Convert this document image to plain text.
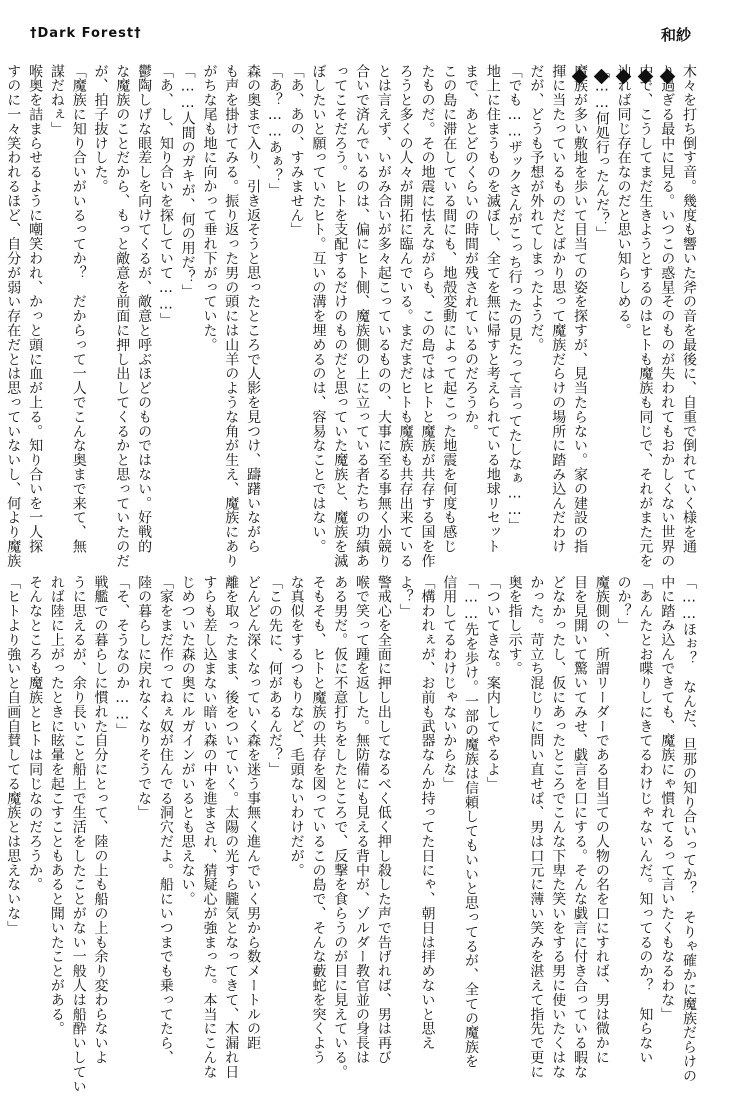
†Dark Forest†	和紗
木々を打ち倒す音。幾度も響いた斧の音を最後に、自重で倒れていく様を通
り過ぎる最中に見る。いつこの惑星そのものが失われてもおかしくない世界の
中で、こうしてまだ生きようとするのはヒトも魔族も同じで、それがまた元を
辿れば同じ存在なのだと思い知らしめる。
「……何処行ったんだ？」
魔族が多い敷地を歩いて目当ての姿を探すが、見当たらない。家の建設の指
揮に当たっているものだとばかり思って魔族だらけの場所に踏み込んだわけ
だが、どうも予想が外れてしまったようだ。
「でも……ザックさんがこっち行ったの見たって言ってたしなぁ……」
地上に住まうものを滅ぼし、全てを無に帰すと考えられている地球リセット
まで、あとどのくらいの時間が残されているのだろうか。
この島に滞在している間にも、地殻変動によって起こった地震を何度も感じ
たものだ。その地震に怯えながらも、この島ではヒトと魔族が共存する国を作
ろうと多くの人々が開拓に臨んでいる。まだまだヒトも魔族も共存出来ている
とは言えず、いがみ合いが多々起こっているものの、大事に至る事無く小競り
合いで済んでいるのは、偏にヒト側、魔族側の上に立っている者たちの功績あ
ってこそだろう。ヒトを支配するだけのものだと思っていた魔族と、魔族を滅
ぼしたいと願っていたヒト。互いの溝を埋めるのは、容易なことではない。
「あ、あの、すみません」
「あ？……あぁ？」
森の奥まで入り、引き返そうと思ったところで人影を見つけ、躊躇いながら
も声を掛けてみる。振り返った男の頭には山羊のような角が生え、魔族にあり
がちな尾も地に向かって垂れ下がっていた。
「……人間のガキが、何の用だ？」
「あ、し、知り合いを探していて……」
鬱陶しげな眼差しを向けてくるが、敵意と呼ぶほどのものではない。好戦的
な魔族のことだから、もっと敵意を前面に押し出してくるかと思っていたのだ
が、拍子抜けした。
「魔族に知り合いがいるってか？　だからって一人でこんな奥まで来て、無
謀だねぇ」
喉奥を詰まらせるように嘲笑われ、かっと頭に血が上る。知り合いを一人探
すのに一々笑われるほど、自分が弱い存在だとは思っていないし、何より魔族
「……ほぉ？　なんだ、旦那の知り合いってか？　そりゃ確かに魔族だらけの
中に踏み込んできても、魔族にゃ慣れてるって言いたくもなるわな」
「あんたとお喋りしにきてるわけじゃないんだ。知ってるのか？　知らない
のか？」
魔族側の、所謂リーダーである目当ての人物の名を口にすれば、男は微かに
目を見開いて驚いてみせ、戯言を口にする。そんな戯言に付き合っている暇な
どなかったし、仮にあったところでこんな下卑た笑いをする男に使いたくはな
かった。苛立ち混じりに問い直せば、男は口元に薄い笑みを湛えて指先で更に
奥を指し示す。
「ついてきな。案内してやるよ」
「……先を歩け。一部の魔族は信頼してもいいと思ってるが、全ての魔族を
信用してるわけじゃないからな」
「構われぇが、お前も武器なんか持ってた日にゃ、朝日は拝めないと思え
よ？」
警戒心を全面に押し出してなるべく低く押し殺した声で告げれば、男は再び
喉で笑って踵を返した。無防備にも見える背中が、ゾルダー教官並の身長は
ある男だ。仮に不意打ちをしたところで、反撃を食らうのが目に見えている。
そもそも、ヒトと魔族の共存を図っているこの島で、そんな藪蛇を突くよう
な真似をするつもりなど、毛頭ないわけだが。
「この先に、何があるんだ？」
どんどん深くなっていく森を迷う事無く進んでいく男から数メートルの距
離を取ったまま、後をついていく。太陽の光すら朧気となってきて、木漏れ日
すらも差し込まない暗い森の中を進まされ、猜疑心が強まった。本当にこんな
じめついた森の奥にルガインがいるとも思えない。
「家をまだ作ってねぇ奴が住んでる洞穴だよ。船にいつまでも乗ってたら、
陸の暮らしに戻れなくなりそうでな」
「そ、そうなのか……」
戦艦での暮らしに慣れた自分にとって、陸の上も船の上も余り変わらないよ
うに思えるが、余り長いこと船上で生活をしたことがない一般人は船酔いしてい
れば陸に上がったときに眩暈を起こすこともあると聞いたことがある。
そんなところも魔族とヒトは同じなのだろうか。
「ヒトより強いと自画自賛してる魔族とは思えないな」
